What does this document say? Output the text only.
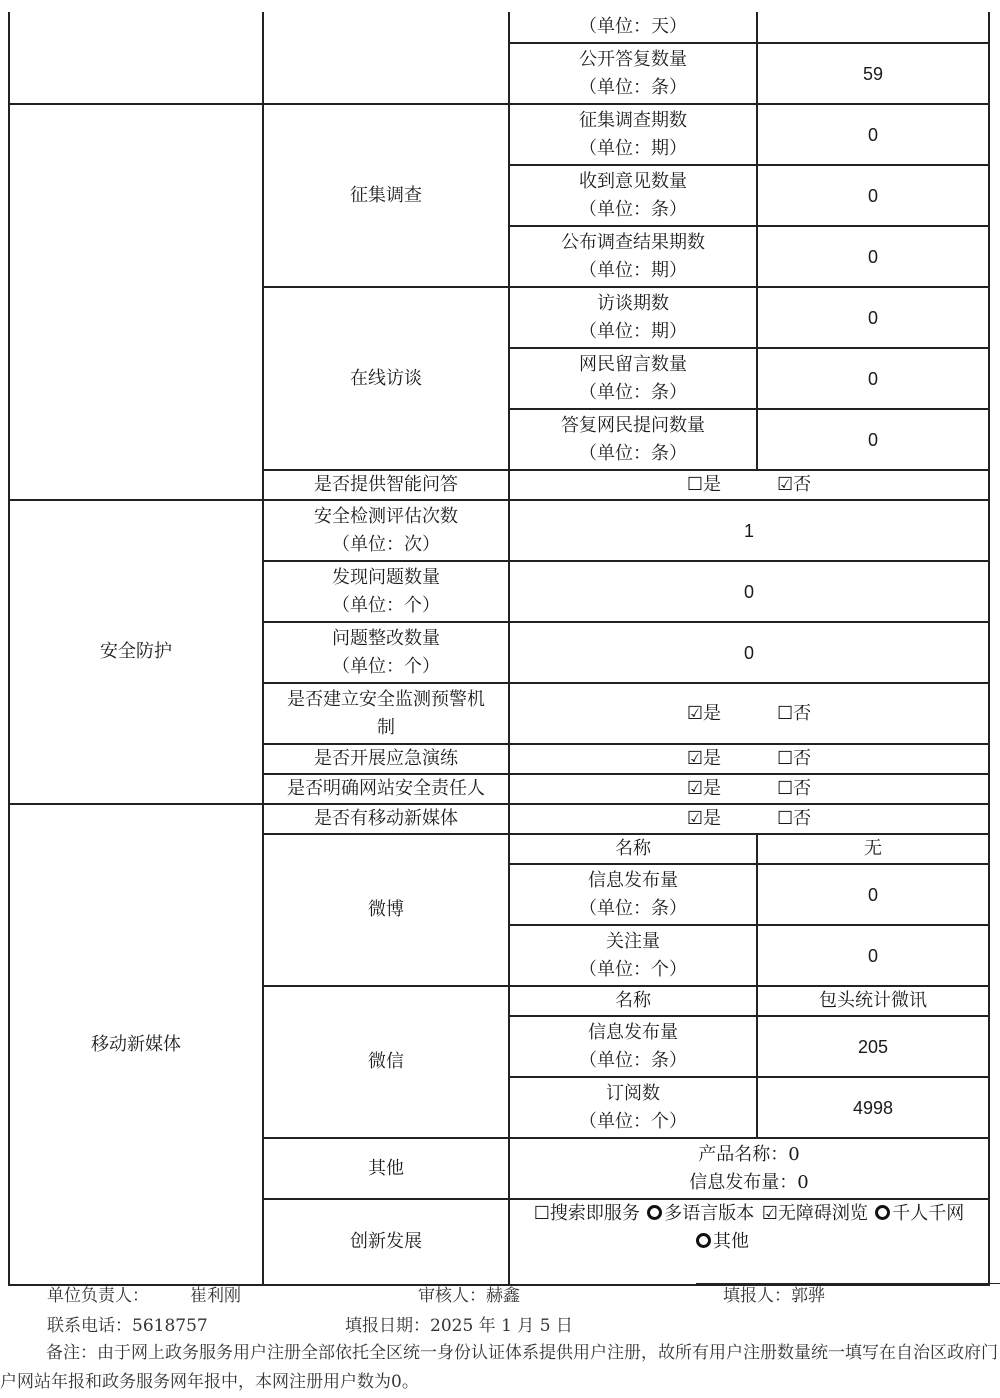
		（单位：天）	

		公开答复数量
（单位：条）	59
	征集调查	征集调查期数
（单位：期）	0

		收到意见数量
（单位：条）	0

		公布调查结果期数
（单位：期）	0
	在线访谈	访谈期数
（单位：期）	0

		网民留言数量
（单位：条）	0

		答复网民提问数量
（单位：条）	0
	是否提供智能问答	☐是 ☑否	
安全防护	安全检测评估次数
（单位：次）	1	

	发现问题数量
（单位：个）	0	

	问题整改数量
（单位：个）	0	

	是否建立安全监测预警机
制	☑是 ☐否	
	是否开展应急演练	☑是 ☐否	
	是否明确网站安全责任人	☑是 ☐否	
移动新媒体	是否有移动新媒体	☑是 ☐否	
	微博	名称	无

		信息发布量
（单位：条）	0

		关注量
（单位：个）	0
	微信	名称	包头统计微讯

		信息发布量
（单位：条）	205

		订阅数
（单位：个）	4998
	其他	产品名称：0
信息发布量：0	

	创新发展	☐搜索即服务 多语言版本 ☑无障碍浏览 千人千网
其他	
单位负责人： 崔利刚	审核人：赫鑫	填报人：郭骅
联系电话：5618757	填报日期：2025 年 1 月 5 日
备注：由于网上政务服务用户注册全部依托全区统一身份认证体系提供用户注册，故所有用户注册数量统一填写在自治区政府门户网站年报和政务服务网年报中，本网注册用户数为0。
